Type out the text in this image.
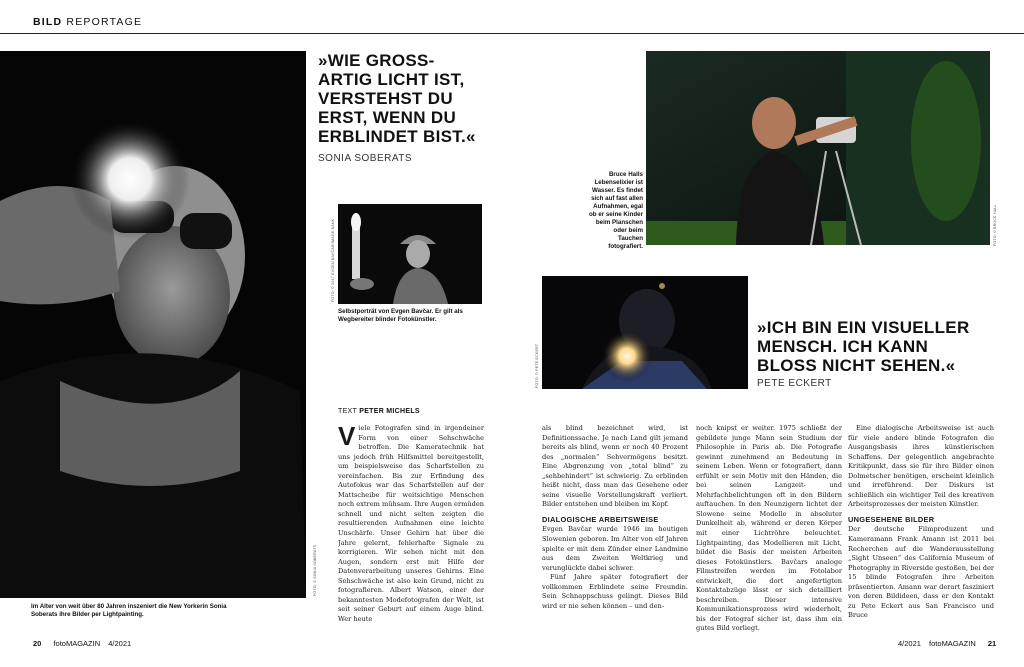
BILD REPORTAGE
FOTO: © SONIA SOBERATS
Im Alter von weit über 80 Jahren inszeniert die New Yorkerin Sonia Soberats ihre Bilder per Lightpainting.
»WIE GROSS-ARTIG LICHT IST, VERSTEHST DU ERST, WENN DU ERBLINDET BIST.«
SONIA SOBERATS
FOTO: © 2017 EVGEN BAVČAR/IMAGE BANK
Selbstporträt von Evgen Bavčar. Er gilt als Wegbereiter blinder Fotokünstler.
FOTO: © BRUCE HALL
Bruce Halls Lebenselixier ist Wasser. Es findet sich auf fast allen Aufnahmen, egal ob er seine Kinder beim Planschen oder beim Tauchen fotografiert.
FOTO: © PETE ECKERT
»ICH BIN EIN VISUELLER MENSCH. ICH KANN BLOSS NICHT SEHEN.«
PETE ECKERT
TEXT PETER MICHELS
V iele Fotografen sind in irgendeiner Form von einer Sehschwäche betroffen. Die Kameratechnik hat uns jedoch früh Hilfsmittel bereitgestellt, um beispielsweise das Scharfstellen zu vereinfachen. Bis zur Erfindung des Autofokus war das Scharfstellen auf der Mattscheibe für weitsichtige Menschen noch extrem mühsam. Ihre Augen ermüden schnell und nicht selten zeigten die resultierenden Aufnahmen eine leichte Unschärfe. Unser Gehirn hat über die Jahre gelernt, fehlerhafte Signale zu korrigieren. Wir sehen nicht mit den Augen, sondern erst mit Hilfe der Datenverarbeitung unseres Gehirns. Eine Sehschwäche ist also kein Grund, nicht zu fotografieren. Albert Watson, einer der bekanntesten Modefotografen der Welt, ist seit seiner Geburt auf einem Auge blind. Wer heute

als blind bezeichnet wird, ist Definitionssache. Je nach Land gilt jemand bereits als blind, wenn er noch 40 Prozent des „normalen“ Sehvermögens besitzt. Eine Abgrenzung von „total blind“ zu „sehbehindert“ ist schwierig. Zu erblinden heißt nicht, dass man das Gesehene oder seine visuelle Vorstellungskraft verliert. Bilder entstehen und bleiben im Kopf.

DIALOGISCHE ARBEITSWEISE

Evgen Bavčar wurde 1946 im heutigen Slowenien geboren. Im Alter von elf Jahren spielte er mit dem Zünder einer Landmine aus dem Zweiten Weltkrieg und verunglückte dabei schwer.

Fünf Jahre später fotografiert der vollkommen Erblindete seine Freundin. Sein Schnappschuss gelingt. Dieses Bild wird er nie sehen können – und den-

noch knipst er weiter. 1975 schließt der gebildete junge Mann sein Studium der Philosophie in Paris ab. Die Fotografie gewinnt zunehmend an Bedeutung in seinem Leben. Wenn er fotografiert, dann erfühlt er sein Motiv mit den Händen, die bei seinen Langzeit- und Mehrfachbelichtungen oft in den Bildern auftauchen. In den Neunzigern lichtet der Slowene seine Modelle in absoluter Dunkelheit ab, während er deren Körper mit einer Lichtröhre beleuchtet. Lightpainting, das Modellieren mit Licht, bildet die Basis der meisten Arbeiten dieses Fotokünstlers. Bavčars analoge Filmstreifen werden im Fotolabor entwickelt, die dort angefertigten Kontaktabzüge lässt er sich detailliert beschreiben. Dieser intensive Kommunikationsprozess wird wiederholt, bis der Fotograf sicher ist, dass ihm ein gutes Bild vorliegt.

Eine dialogische Arbeitsweise ist auch für viele andere blinde Fotografen die Ausgangsbasis ihres künstlerischen Schaffens. Der gelegentlich angebrachte Kritikpunkt, dass sie für ihre Bilder einen Dolmetscher benötigen, erscheint kleinlich und irreführend. Der Diskurs ist schließlich ein wichtiger Teil des kreativen Arbeitsprozesses der meisten Künstler.

UNGESEHENE BILDER

Der deutsche Filmproduzent und Kameramann Frank Amann ist 2011 bei Recherchen auf die Wanderausstellung „Sight Unseen“ des California Museum of Photography in Riverside gestoßen, bei der 15 blinde Fotografen ihre Arbeiten präsentierten. Amann war derart fasziniert von deren Bildideen, dass er den Kontakt zu Pete Eckert aus San Francisco und Bruce

20 fotoMAGAZIN 4/2021	4/2021 fotoMAGAZIN 21
